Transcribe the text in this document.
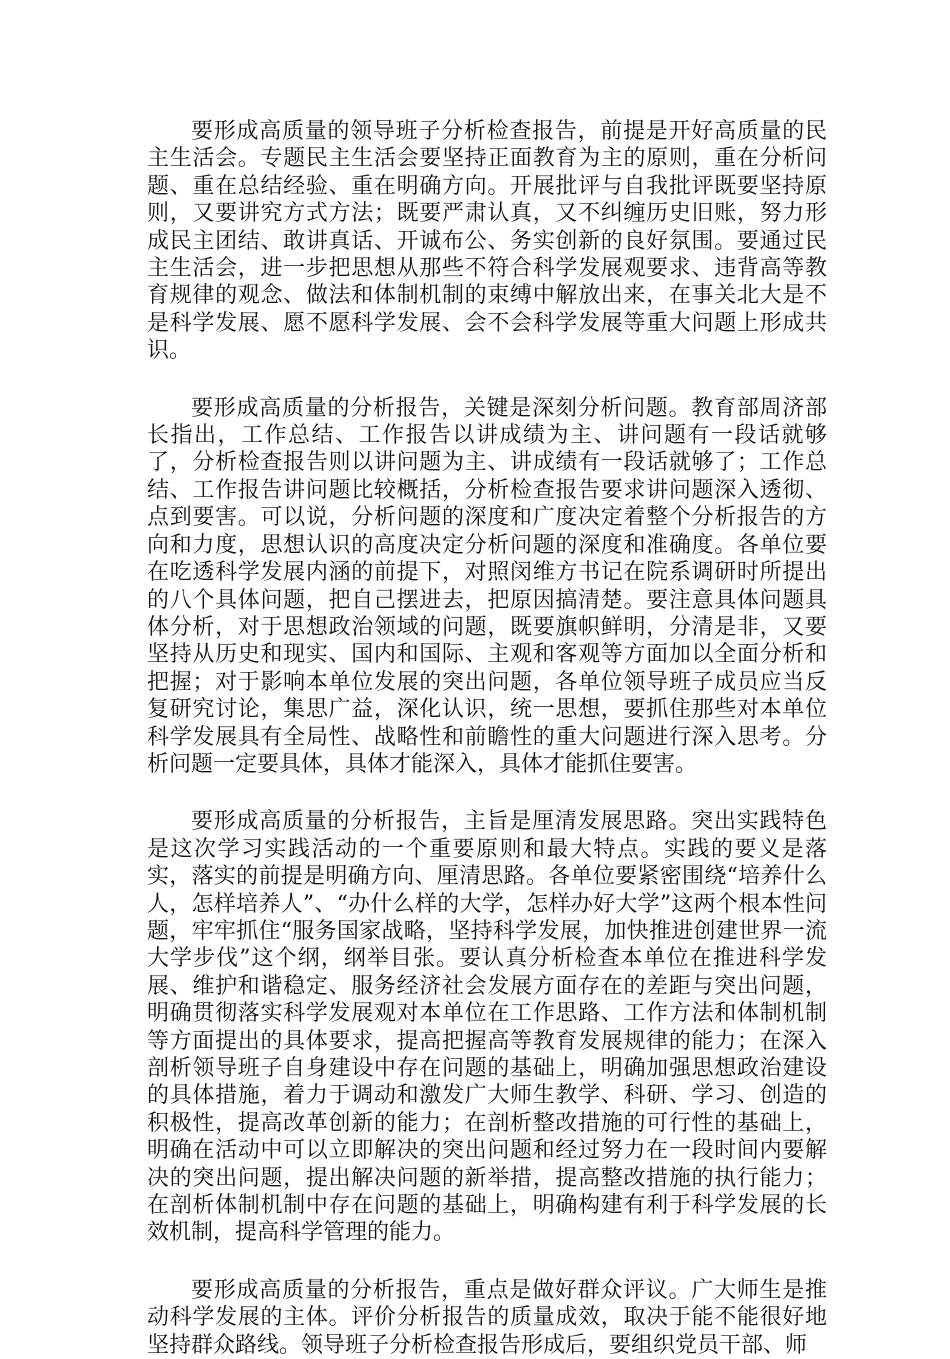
要形成高质量的领导班子分析检查报告，前提是开好高质量的民主生活会。专题民主生活会要坚持正面教育为主的原则，重在分析问题、重在总结经验、重在明确方向。开展批评与自我批评既要坚持原则，又要讲究方式方法；既要严肃认真，又不纠缠历史旧账，努力形成民主团结、敢讲真话、开诚布公、务实创新的良好氛围。要通过民主生活会，进一步把思想从那些不符合科学发展观要求、违背高等教育规律的观念、做法和体制机制的束缚中解放出来，在事关北大是不是科学发展、愿不愿科学发展、会不会科学发展等重大问题上形成共识。

要形成高质量的分析报告，关键是深刻分析问题。教育部周济部长指出，工作总结、工作报告以讲成绩为主、讲问题有一段话就够了，分析检查报告则以讲问题为主、讲成绩有一段话就够了；工作总结、工作报告讲问题比较概括，分析检查报告要求讲问题深入透彻、点到要害。可以说，分析问题的深度和广度决定着整个分析报告的方向和力度，思想认识的高度决定分析问题的深度和准确度。各单位要在吃透科学发展内涵的前提下，对照闵维方书记在院系调研时所提出的八个具体问题，把自己摆进去，把原因搞清楚。要注意具体问题具体分析，对于思想政治领域的问题，既要旗帜鲜明，分清是非，又要坚持从历史和现实、国内和国际、主观和客观等方面加以全面分析和把握；对于影响本单位发展的突出问题，各单位领导班子成员应当反复研究讨论，集思广益，深化认识，统一思想，要抓住那些对本单位科学发展具有全局性、战略性和前瞻性的重大问题进行深入思考。分析问题一定要具体，具体才能深入，具体才能抓住要害。

要形成高质量的分析报告，主旨是厘清发展思路。突出实践特色是这次学习实践活动的一个重要原则和最大特点。实践的要义是落实，落实的前提是明确方向、厘清思路。各单位要紧密围绕“培养什么人，怎样培养人”、“办什么样的大学，怎样办好大学”这两个根本性问题，牢牢抓住“服务国家战略，坚持科学发展，加快推进创建世界一流大学步伐”这个纲，纲举目张。要认真分析检查本单位在推进科学发展、维护和谐稳定、服务经济社会发展方面存在的差距与突出问题，明确贯彻落实科学发展观对本单位在工作思路、工作方法和体制机制等方面提出的具体要求，提高把握高等教育发展规律的能力；在深入剖析领导班子自身建设中存在问题的基础上，明确加强思想政治建设的具体措施，着力于调动和激发广大师生教学、科研、学习、创造的积极性，提高改革创新的能力；在剖析整改措施的可行性的基础上，明确在活动中可以立即解决的突出问题和经过努力在一段时间内要解决的突出问题，提出解决问题的新举措，提高整改措施的执行能力；在剖析体制机制中存在问题的基础上，明确构建有利于科学发展的长效机制，提高科学管理的能力。

要形成高质量的分析报告，重点是做好群众评议。广大师生是推动科学发展的主体。评价分析报告的质量成效，取决于能不能很好地坚持群众路线。领导班子分析检查报告形成后，要组织党员干部、师
